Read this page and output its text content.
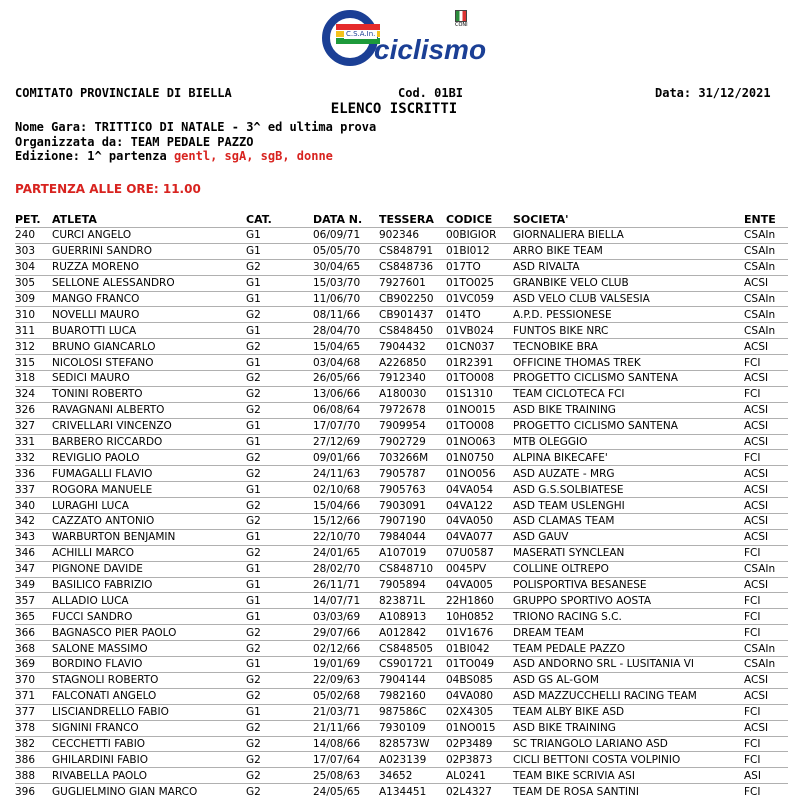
C.S.A.In.
ciclismo
CONI
COMITATO PROVINCIALE DI BIELLA	Cod. 01BI	Data: 31/12/2021
ELENCO ISCRITTI
Nome Gara: TRITTICO DI NATALE - 3^ ed ultima prova
Organizzata da: TEAM PEDALE PAZZO
Edizione: 1^ partenza gentl, sgA, sgB, donne
PARTENZA ALLE ORE: 11.00
PET.	ATLETA	CAT.	DATA N.	TESSERA	CODICE	SOCIETA'	ENTE
240	CURCI ANGELO	G1	06/09/71	902346	00BIGIOR	GIORNALIERA BIELLA	CSAIn
303	GUERRINI SANDRO	G1	05/05/70	CS848791	01BI012	ARRO BIKE TEAM	CSAIn
304	RUZZA MORENO	G2	30/04/65	CS848736	017TO	ASD RIVALTA	CSAIn
305	SELLONE ALESSANDRO	G1	15/03/70	7927601	01TO025	GRANBIKE VELO CLUB	ACSI
309	MANGO FRANCO	G1	11/06/70	CB902250	01VC059	ASD VELO CLUB VALSESIA	CSAIn
310	NOVELLI MAURO	G2	08/11/66	CB901437	014TO	A.P.D. PESSIONESE	CSAIn
311	BUAROTTI LUCA	G1	28/04/70	CS848450	01VB024	FUNTOS BIKE NRC	CSAIn
312	BRUNO GIANCARLO	G2	15/04/65	7904432	01CN037	TECNOBIKE BRA	ACSI
315	NICOLOSI STEFANO	G1	03/04/68	A226850	01R2391	OFFICINE THOMAS TREK	FCI
318	SEDICI MAURO	G2	26/05/66	7912340	01TO008	PROGETTO CICLISMO SANTENA	ACSI
324	TONINI ROBERTO	G2	13/06/66	A180030	01S1310	TEAM CICLOTECA FCI	FCI
326	RAVAGNANI ALBERTO	G2	06/08/64	7972678	01NO015	ASD BIKE TRAINING	ACSI
327	CRIVELLARI VINCENZO	G1	17/07/70	7909954	01TO008	PROGETTO CICLISMO SANTENA	ACSI
331	BARBERO RICCARDO	G1	27/12/69	7902729	01NO063	MTB OLEGGIO	ACSI
332	REVIGLIO PAOLO	G2	09/01/66	703266M	01N0750	ALPINA BIKECAFE'	FCI
336	FUMAGALLI FLAVIO	G2	24/11/63	7905787	01NO056	ASD AUZATE - MRG	ACSI
337	ROGORA MANUELE	G1	02/10/68	7905763	04VA054	ASD G.S.SOLBIATESE	ACSI
340	LURAGHI LUCA	G2	15/04/66	7903091	04VA122	ASD TEAM USLENGHI	ACSI
342	CAZZATO ANTONIO	G2	15/12/66	7907190	04VA050	ASD CLAMAS TEAM	ACSI
343	WARBURTON BENJAMIN	G1	22/10/70	7984044	04VA077	ASD GAUV	ACSI
346	ACHILLI MARCO	G2	24/01/65	A107019	07U0587	MASERATI SYNCLEAN	FCI
347	PIGNONE DAVIDE	G1	28/02/70	CS848710	0045PV	COLLINE OLTREPO	CSAIn
349	BASILICO FABRIZIO	G1	26/11/71	7905894	04VA005	POLISPORTIVA BESANESE	ACSI
357	ALLADIO LUCA	G1	14/07/71	823871L	22H1860	GRUPPO SPORTIVO AOSTA	FCI
365	FUCCI SANDRO	G1	03/03/69	A108913	10H0852	TRIONO RACING S.C.	FCI
366	BAGNASCO PIER PAOLO	G2	29/07/66	A012842	01V1676	DREAM TEAM	FCI
368	SALONE MASSIMO	G2	02/12/66	CS848505	01BI042	TEAM PEDALE PAZZO	CSAIn
369	BORDINO FLAVIO	G1	19/01/69	CS901721	01TO049	ASD ANDORNO SRL - LUSITANIA VI	CSAIn
370	STAGNOLI ROBERTO	G2	22/09/63	7904144	04BS085	ASD GS AL-GOM	ACSI
371	FALCONATI ANGELO	G2	05/02/68	7982160	04VA080	ASD MAZZUCCHELLI RACING TEAM	ACSI
377	LISCIANDRELLO FABIO	G1	21/03/71	987586C	02X4305	TEAM ALBY BIKE ASD	FCI
378	SIGNINI FRANCO	G2	21/11/66	7930109	01NO015	ASD BIKE TRAINING	ACSI
382	CECCHETTI FABIO	G2	14/08/66	828573W	02P3489	SC TRIANGOLO LARIANO ASD	FCI
386	GHILARDINI FABIO	G2	17/07/64	A023139	02P3873	CICLI BETTONI COSTA VOLPINIO	FCI
388	RIVABELLA PAOLO	G2	25/08/63	34652	AL0241	TEAM BIKE SCRIVIA ASI	ASI
396	GUGLIELMINO GIAN MARCO	G2	24/05/65	A134451	02L4327	TEAM DE ROSA SANTINI	FCI
